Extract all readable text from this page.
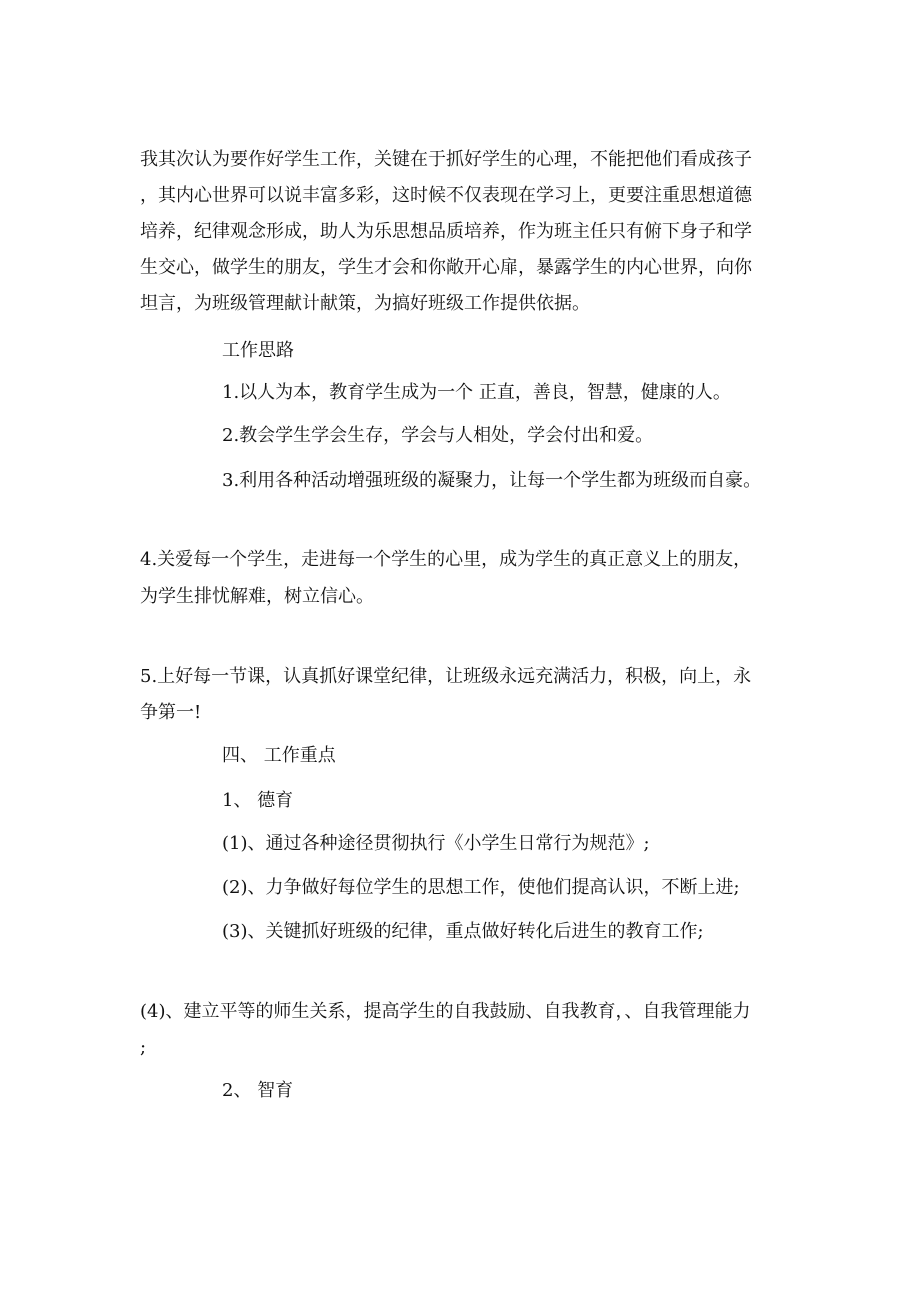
我其次认为要作好学生工作，关键在于抓好学生的心理，不能把他们看成孩子
，其内心世界可以说丰富多彩，这时候不仅表现在学习上，更要注重思想道德
培养，纪律观念形成，助人为乐思想品质培养，作为班主任只有俯下身子和学
生交心，做学生的朋友，学生才会和你敞开心扉，暴露学生的内心世界，向你
坦言，为班级管理献计献策，为搞好班级工作提供依据。
工作思路
1.以人为本，教育学生成为一个 正直，善良，智慧，健康的人。
2.教会学生学会生存，学会与人相处，学会付出和爱。
3.利用各种活动增强班级的凝聚力，让每一个学生都为班级而自豪。
4.关爱每一个学生，走进每一个学生的心里，成为学生的真正意义上的朋友，
为学生排忧解难，树立信心。
5.上好每一节课，认真抓好课堂纪律，让班级永远充满活力，积极，向上，永
争第一!
四、 工作重点
1、 德育
(1)、通过各种途径贯彻执行《小学生日常行为规范》;
(2)、力争做好每位学生的思想工作，使他们提高认识，不断上进;
(3)、关键抓好班级的纪律，重点做好转化后进生的教育工作;
(4)、建立平等的师生关系，提高学生的自我鼓励、自我教育，、自我管理能力
;
2、 智育
